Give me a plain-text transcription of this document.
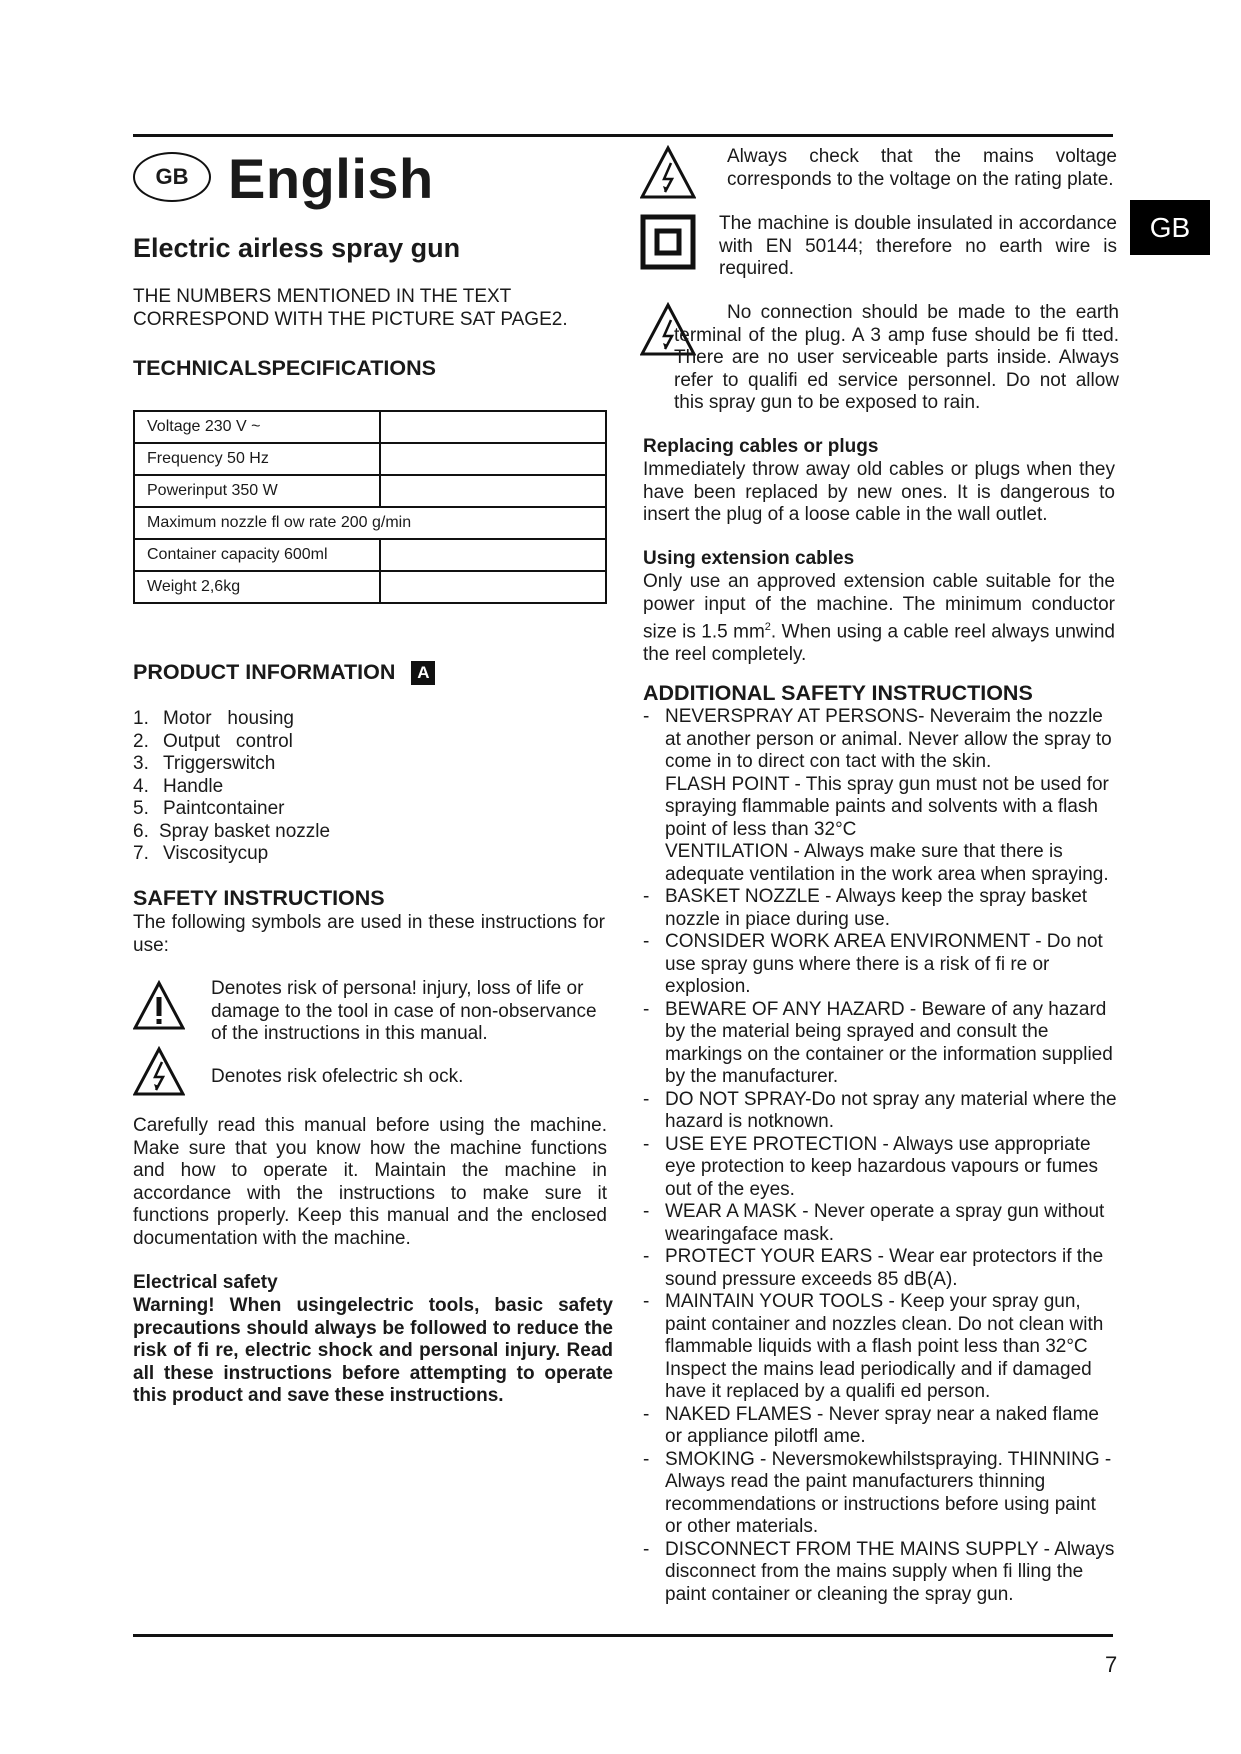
GB
7
GB English
Electric airless spray gun
THE NUMBERS MENTIONED IN THE TEXT CORRESPOND WITH THE PICTURE SAT PAGE2.
TECHNICALSPECIFICATIONS
Voltage 230 V ~	
Frequency 50 Hz	
Powerinput 350 W	
Maximum nozzle fl ow rate 200 g/min	
Container capacity 600ml	
Weight 2,6kg	
PRODUCT INFORMATION	A
1. Motor   housing
2. Output   control
3. Triggerswitch
4. Handle
5. Paintcontainer
6. Spray basket nozzle
7. Viscositycup
SAFETY INSTRUCTIONS
The following symbols are used in these instructions for use:
Denotes risk of persona! injury, loss of life or damage to the tool in case of non-observance of the instructions in this manual.
Denotes risk ofelectric sh ock.
Carefully read this manual before using the machine. Make sure that you know how the machine functions and how to operate it. Maintain the machine in accordance with the instructions to make sure it functions properly. Keep this manual and the enclosed documentation with the machine.
Electrical safety
Warning! When usingelectric tools, basic safety precautions should always be followed to reduce the risk of fi re, electric shock and personal injury. Read all these instructions before attempting to operate this product and save these instructions.
Always check that the mains voltage corresponds to the voltage on the rating plate.
The machine is double insulated in accordance with EN 50144; therefore no earth wire is required.
No connection should be made to the earth terminal of the plug. A 3 amp fuse should be fi tted. There are no user serviceable parts inside. Always refer to qualifi ed service personnel. Do not allow this spray gun to be exposed to rain.
Replacing cables or plugs
Immediately throw away old cables or plugs when they have been replaced by new ones. It is dangerous to insert the plug of a loose cable in the wall outlet.
Using extension cables
Only use an approved extension cable suitable for the power input of the machine. The minimum conductor size is 1.5 $mm^2$. When using a cable reel always unwind the reel completely.
ADDITIONAL SAFETY INSTRUCTIONS
- NEVERSPRAY AT PERSONS- Neveraim the nozzle at another person or animal. Never allow the spray to come in to direct con tact with the skin.
FLASH POINT - This spray gun must not be used for spraying flammable paints and solvents with a flash point of less than 32°C
VENTILATION - Always make sure that there is adequate ventilation in the work area when spraying.
- BASKET NOZZLE - Always keep the spray basket nozzle in piace during use.
- CONSIDER WORK AREA ENVIRONMENT - Do not use spray guns where there is a risk of fi re or explosion.
- BEWARE OF ANY HAZARD - Beware of any hazard by the material being sprayed and consult the markings on the container or the information supplied by the manufacturer.
- DO NOT SPRAY-Do not spray any material where the hazard is notknown.
- USE EYE PROTECTION - Always use appropriate eye protection to keep hazardous vapours or fumes out of the eyes.
- WEAR A MASK - Never operate a spray gun without wearingaface mask.
- PROTECT YOUR EARS - Wear ear protectors if the sound pressure exceeds 85 dB(A).
- MAINTAIN YOUR TOOLS - Keep your spray gun, paint container and nozzles clean. Do not clean with flammable liquids with a flash point less than 32°C Inspect the mains lead periodically and if damaged have it replaced by a qualifi ed person.
- NAKED FLAMES - Never spray near a naked flame or appliance pilotfl ame.
- SMOKING - Neversmokewhilstspraying. THINNING - Always read the paint manufacturers thinning recommendations or instructions before using paint or other materials.
- DISCONNECT FROM THE MAINS SUPPLY - Always disconnect from the mains supply when fi lling the paint container or cleaning the spray gun.
